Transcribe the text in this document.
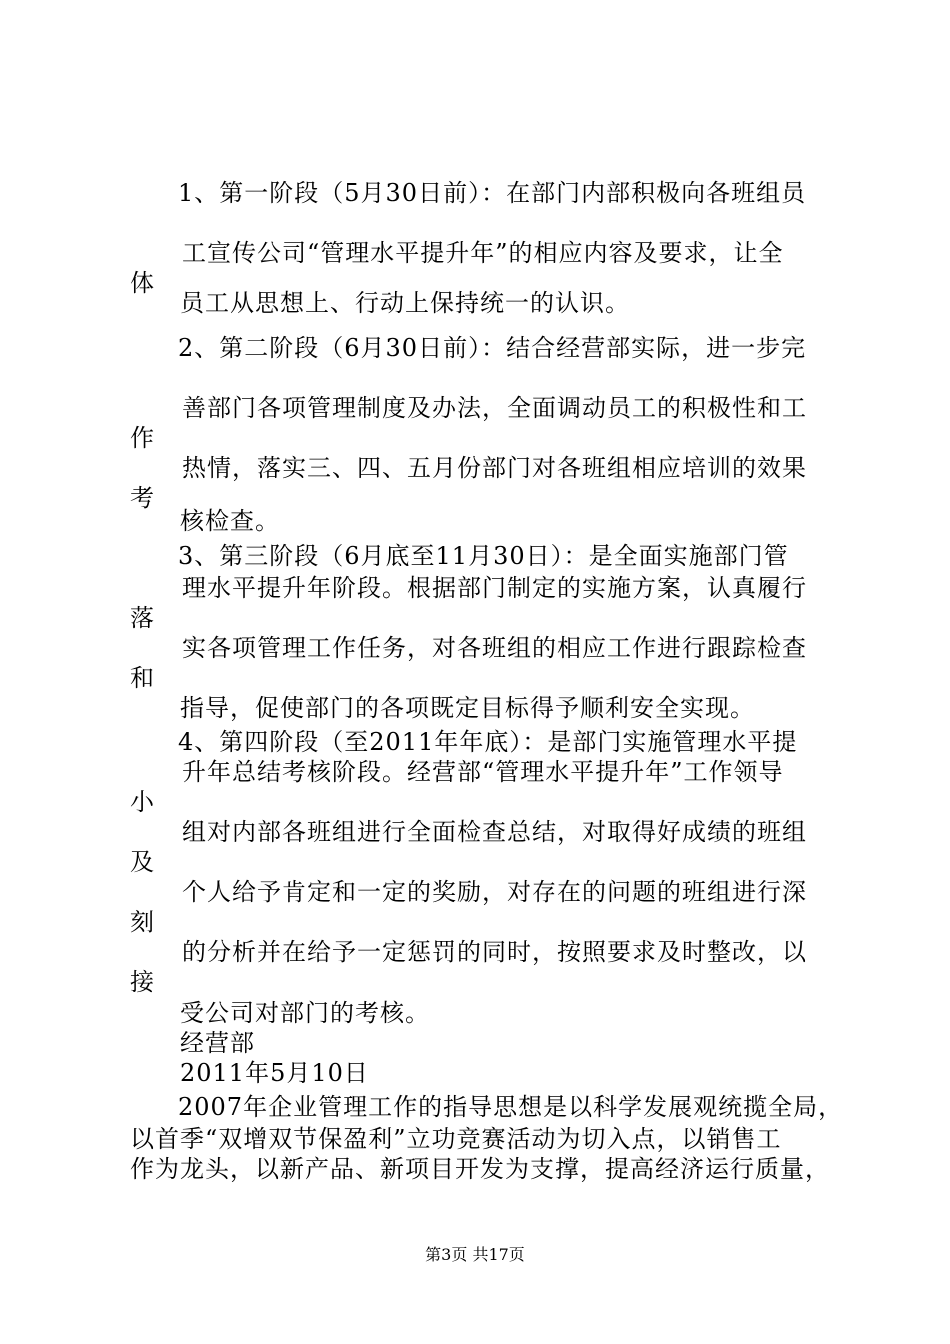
1、第一阶段（5月30日前）：在部门内部积极向各班组员
工宣传公司“管理水平提升年”的相应内容及要求，让全
体
员工从思想上、行动上保持统一的认识。
2、第二阶段（6月30日前）：结合经营部实际，进一步完
善部门各项管理制度及办法，全面调动员工的积极性和工
作
热情，落实三、四、五月份部门对各班组相应培训的效果
考
核检查。
3、第三阶段（6月底至11月30日）：是全面实施部门管
理水平提升年阶段。根据部门制定的实施方案，认真履行
落
实各项管理工作任务，对各班组的相应工作进行跟踪检查
和
指导，促使部门的各项既定目标得予顺利安全实现。
4、第四阶段（至2011年年底）：是部门实施管理水平提
升年总结考核阶段。经营部“管理水平提升年”工作领导
小
组对内部各班组进行全面检查总结，对取得好成绩的班组
及
个人给予肯定和一定的奖励，对存在的问题的班组进行深
刻
的分析并在给予一定惩罚的同时，按照要求及时整改，以
接
受公司对部门的考核。
经营部
2011年5月10日
2007年企业管理工作的指导思想是以科学发展观统揽全局，
以首季“双增双节保盈利”立功竞赛活动为切入点，以销售工
作为龙头，以新产品、新项目开发为支撑，提高经济运行质量，
第3页 共17页
